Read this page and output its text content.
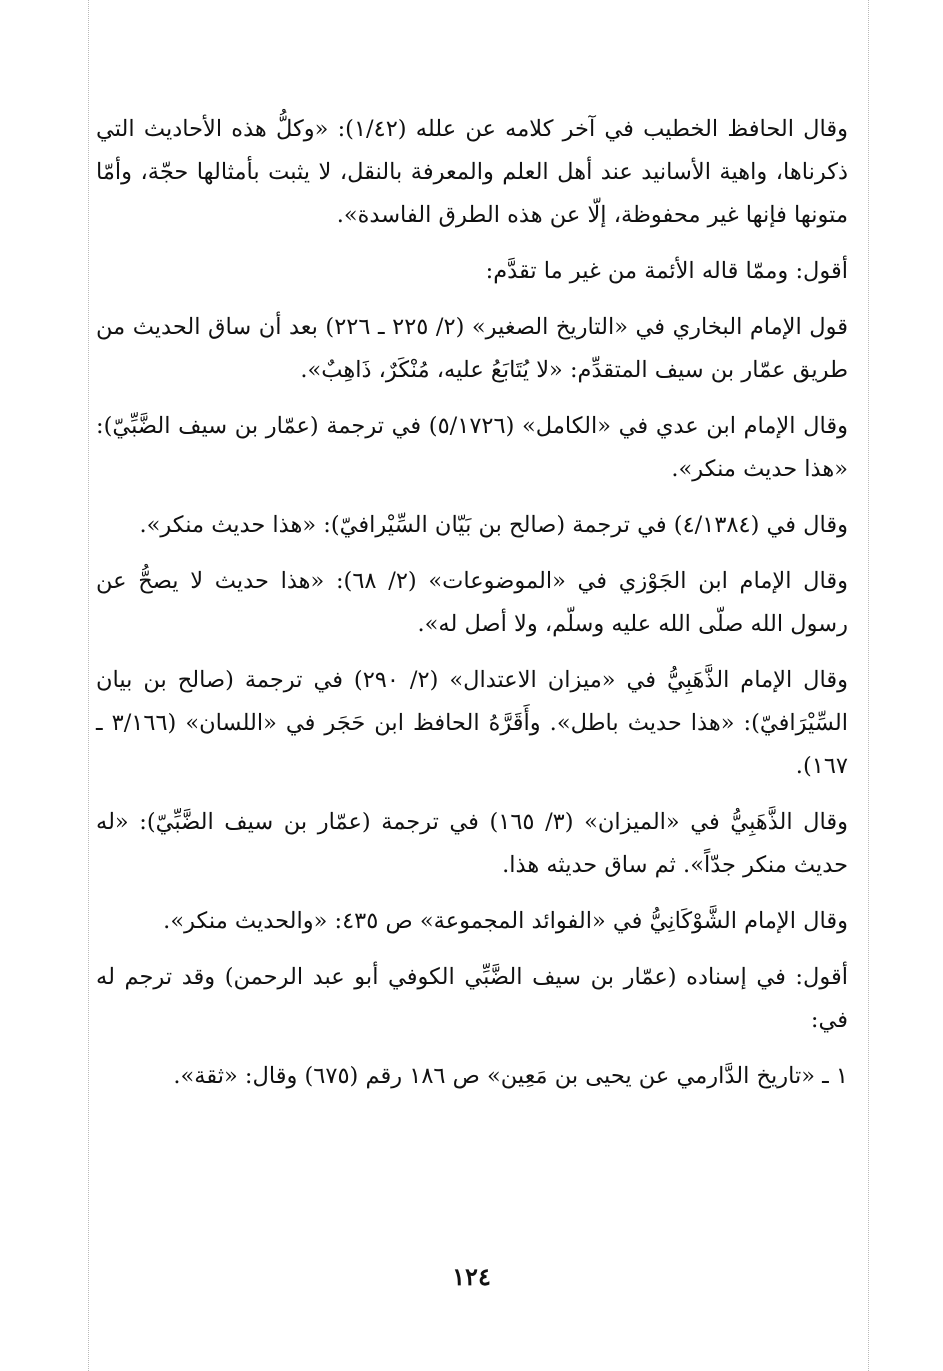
وقال الحافظ الخطيب في آخر كلامه عن علله (١/٤٢): «وكلُّ هذه الأحاديث التي ذكرناها، واهية الأسانيد عند أهل العلم والمعرفة بالنقل، لا يثبت بأمثالها حجّة، وأمّا متونها فإنها غير محفوظة، إلّا عن هذه الطرق الفاسدة».

أقول: وممّا قاله الأئمة من غير ما تقدَّم:

قول الإمام البخاري في «التاريخ الصغير» (٢/ ٢٢٥ ـ ٢٢٦) بعد أن ساق الحديث من طريق عمّار بن سيف المتقدِّم: «لا يُتَابَعُ عليه، مُنْكَرٌ، ذَاهِبٌ».

وقال الإمام ابن عدي في «الكامل» (٥/١٧٢٦) في ترجمة (عمّار بن سيف الضَّبِّيّ): «هذا حديث منكر».

وقال في (٤/١٣٨٤) في ترجمة (صالح بن بَيّان السِّيْرافيّ): «هذا حديث منكر».

وقال الإمام ابن الجَوْزي في «الموضوعات» (٢/ ٦٨): «هذا حديث لا يصحُّ عن رسول الله صلّى الله عليه وسلّم، ولا أصل له».

وقال الإمام الذَّهَبِيُّ في «ميزان الاعتدال» (٢/ ٢٩٠) في ترجمة (صالح بن بيان السِّيْرَافيّ): «هذا حديث باطل». وأَقَرَّهُ الحافظ ابن حَجَر في «اللسان» (٣/١٦٦ ـ ١٦٧).

وقال الذَّهَبِيُّ في «الميزان» (٣/ ١٦٥) في ترجمة (عمّار بن سيف الضَّبِّيّ): «له حديث منكر جدّاً». ثم ساق حديثه هذا.

وقال الإمام الشَّوْكَانِيُّ في «الفوائد المجموعة» ص ٤٣٥: «والحديث منكر».

أقول: في إسناده (عمّار بن سيف الضَّبِّي الكوفي أبو عبد الرحمن) وقد ترجم له في:

١ ـ «تاريخ الدَّارمي عن يحيى بن مَعِين» ص ١٨٦ رقم (٦٧٥) وقال: «ثقة».

١٢٤
